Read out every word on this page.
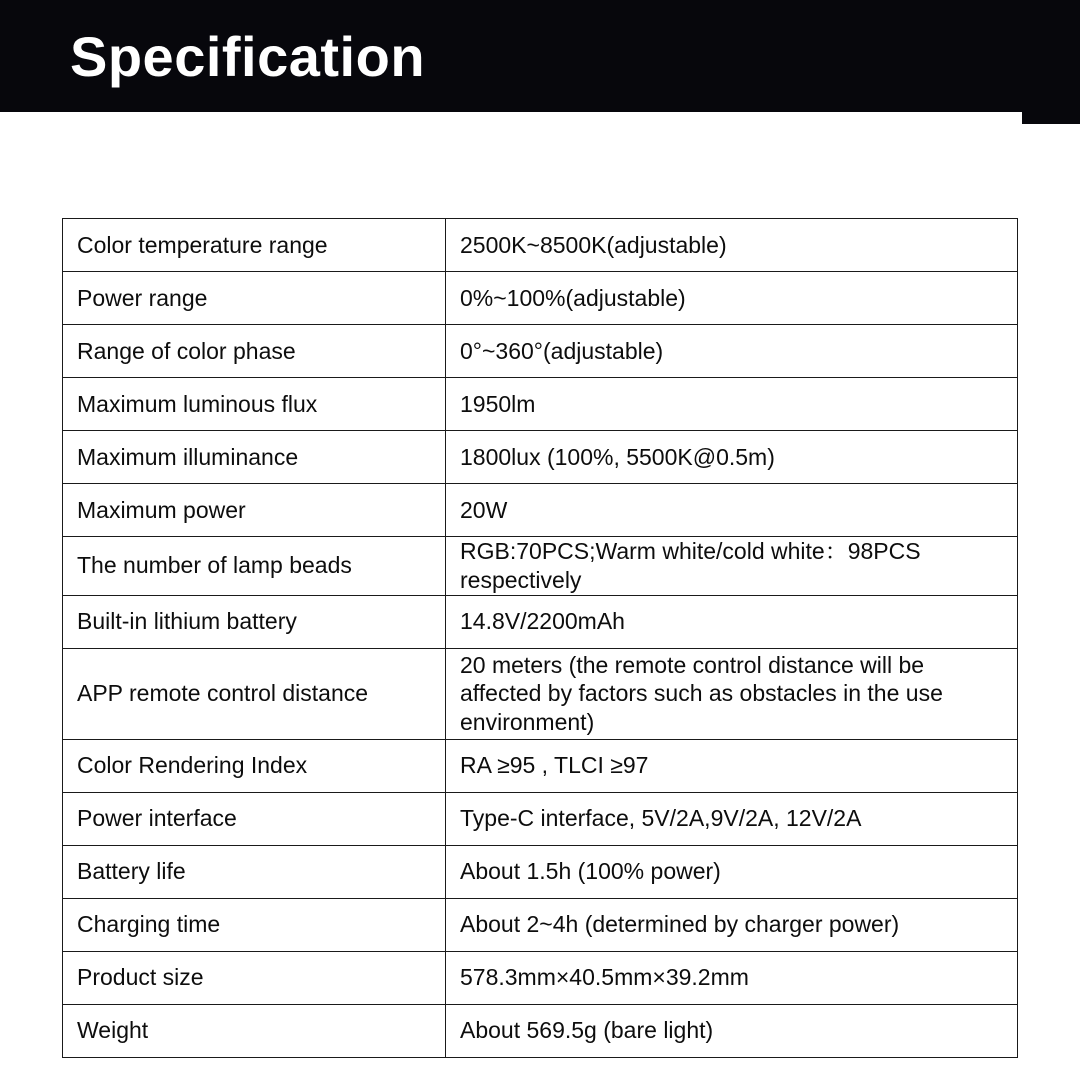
Specification
Color temperature range	2500K~8500K(adjustable)
Power range	0%~100%(adjustable)
Range of color phase	0°~360°(adjustable)
Maximum luminous flux	1950lm
Maximum illuminance	1800lux (100%, 5500K@0.5m)
Maximum power	20W
The number of lamp beads	RGB:70PCS;Warm white/cold white：98PCS respectively
Built-in lithium battery	14.8V/2200mAh
APP remote control distance	20 meters (the remote control distance will be affected by factors such as obstacles in the use environment)
Color Rendering Index	RA ≥95 , TLCI ≥97
Power interface	Type-C interface, 5V/2A,9V/2A, 12V/2A
Battery life	About 1.5h (100% power)
Charging time	About 2~4h (determined by charger power)
Product size	578.3mm×40.5mm×39.2mm
Weight	About 569.5g (bare light)
